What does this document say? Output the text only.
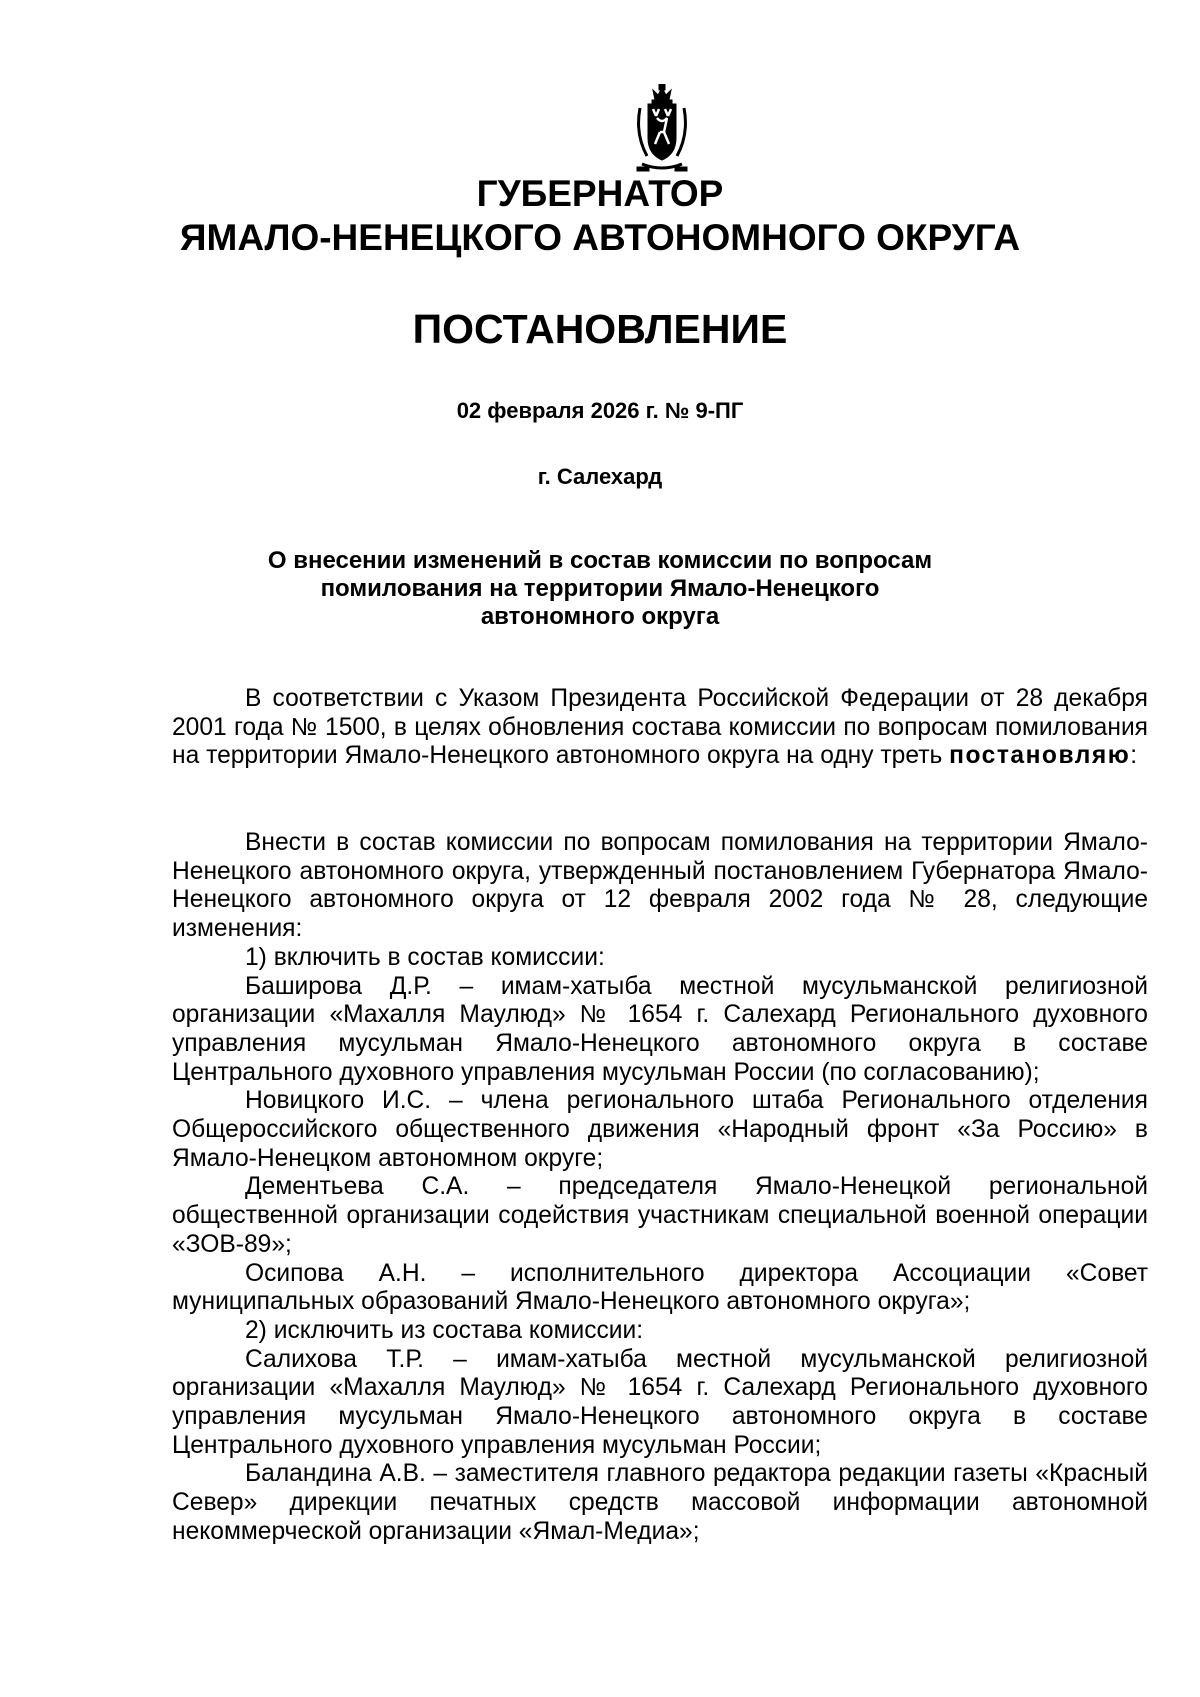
ГУБЕРНАТОР
ЯМАЛО-НЕНЕЦКОГО АВТОНОМНОГО ОКРУГА
ПОСТАНОВЛЕНИЕ
02 февраля 2026 г. № 9-ПГ
г. Салехард
О внесении изменений в состав комиссии по вопросам
помилования на территории Ямало-Ненецкого
автономного округа

В соответствии с Указом Президента Российской Федерации от 28 декабря 2001 года № 1500, в целях обновления состава комиссии по вопросам помилования на территории Ямало-Ненецкого автономного округа на одну треть постановляю:

Внести в состав комиссии по вопросам помилования на территории Ямало-Ненецкого автономного округа, утвержденный постановлением Губернатора Ямало-Ненецкого автономного округа от 12 февраля 2002 года № 28, следующие изменения:

1) включить в состав комиссии:

Баширова Д.Р. – имам-хатыба местной мусульманской религиозной организации «Махалля Маулюд» № 1654 г. Салехард Регионального духовного управления мусульман Ямало-Ненецкого автономного округа в составе Центрального духовного управления мусульман России (по согласованию);

Новицкого И.С. – члена регионального штаба Регионального отделения Общероссийского общественного движения «Народный фронт «За Россию» в Ямало-Ненецком автономном округе;

Дементьева С.А. – председателя Ямало-Ненецкой региональной общественной организации содействия участникам специальной военной операции «ЗОВ-89»;

Осипова А.Н. – исполнительного директора Ассоциации «Совет муниципальных образований Ямало-Ненецкого автономного округа»;

2) исключить из состава комиссии:

Салихова Т.Р. – имам-хатыба местной мусульманской религиозной организации «Махалля Маулюд» № 1654 г. Салехард Регионального духовного управления мусульман Ямало-Ненецкого автономного округа в составе Центрального духовного управления мусульман России;

Баландина А.В. – заместителя главного редактора редакции газеты «Красный Север» дирекции печатных средств массовой информации автономной некоммерческой организации «Ямал-Медиа»;
